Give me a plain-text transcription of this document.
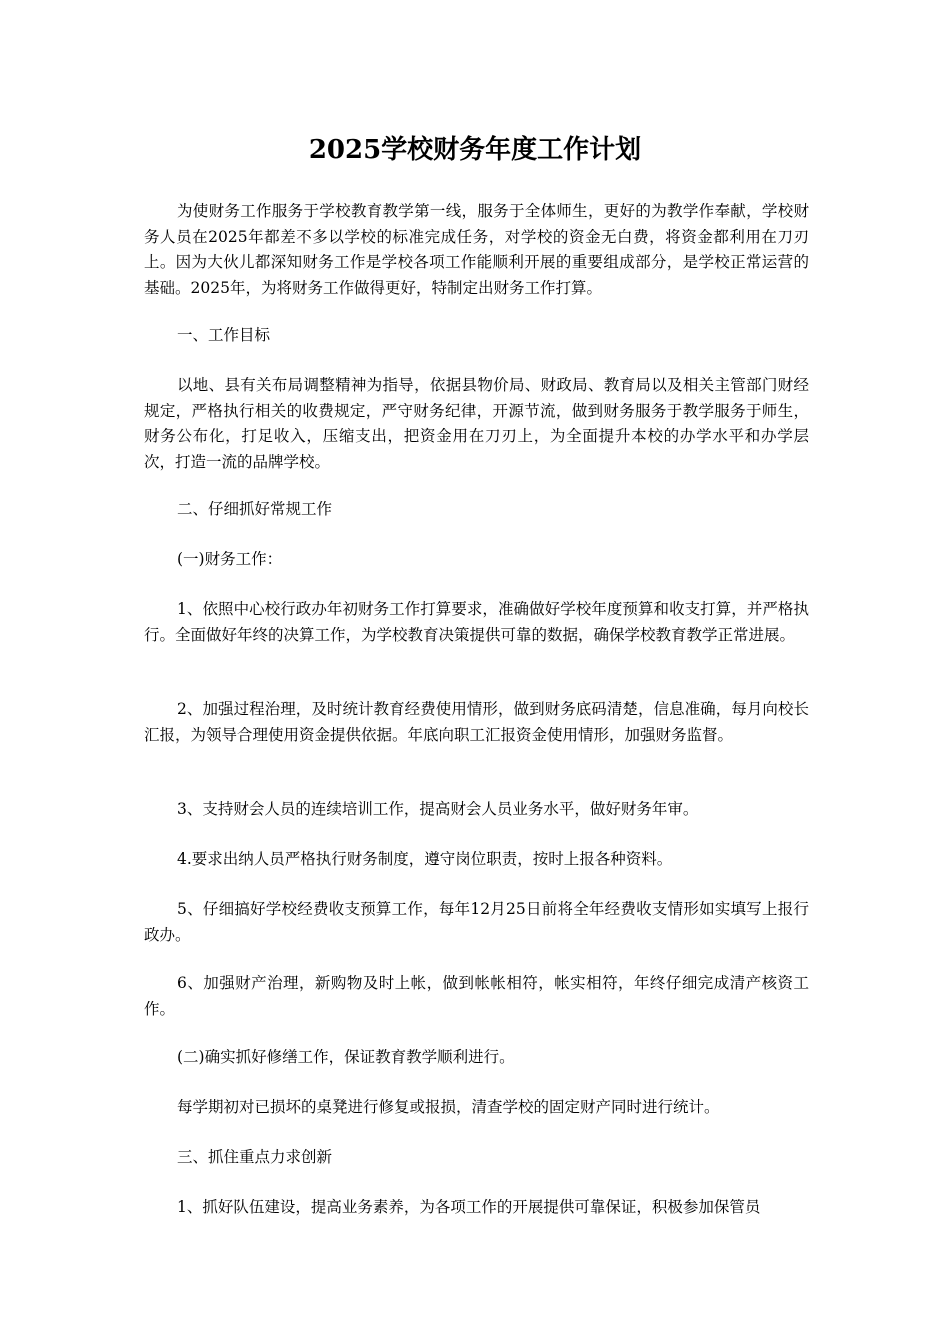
2025学校财务年度工作计划

为使财务工作服务于学校教育教学第一线，服务于全体师生，更好的为教学作奉献，学校财务人员在2025年都差不多以学校的标准完成任务，对学校的资金无白费，将资金都利用在刀刃上。因为大伙儿都深知财务工作是学校各项工作能顺利开展的重要组成部分，是学校正常运营的基础。2025年，为将财务工作做得更好，特制定出财务工作打算。

一、工作目标

以地、县有关布局调整精神为指导，依据县物价局、财政局、教育局以及相关主管部门财经规定，严格执行相关的收费规定，严守财务纪律，开源节流，做到财务服务于教学服务于师生，财务公布化，打足收入，压缩支出，把资金用在刀刃上，为全面提升本校的办学水平和办学层次，打造一流的品牌学校。

二、仔细抓好常规工作

(一)财务工作：

1、依照中心校行政办年初财务工作打算要求，准确做好学校年度预算和收支打算，并严格执行。全面做好年终的决算工作，为学校教育决策提供可靠的数据，确保学校教育教学正常进展。

2、加强过程治理，及时统计教育经费使用情形，做到财务底码清楚，信息准确，每月向校长汇报，为领导合理使用资金提供依据。年底向职工汇报资金使用情形，加强财务监督。

3、支持财会人员的连续培训工作，提高财会人员业务水平，做好财务年审。

4.要求出纳人员严格执行财务制度，遵守岗位职责，按时上报各种资料。

5、仔细搞好学校经费收支预算工作，每年12月25日前将全年经费收支情形如实填写上报行政办。

6、加强财产治理，新购物及时上帐，做到帐帐相符，帐实相符，年终仔细完成清产核资工作。

(二)确实抓好修缮工作，保证教育教学顺利进行。

每学期初对已损坏的桌凳进行修复或报损，清查学校的固定财产同时进行统计。

三、抓住重点力求创新

1、抓好队伍建设，提高业务素养，为各项工作的开展提供可靠保证，积极参加保管员
